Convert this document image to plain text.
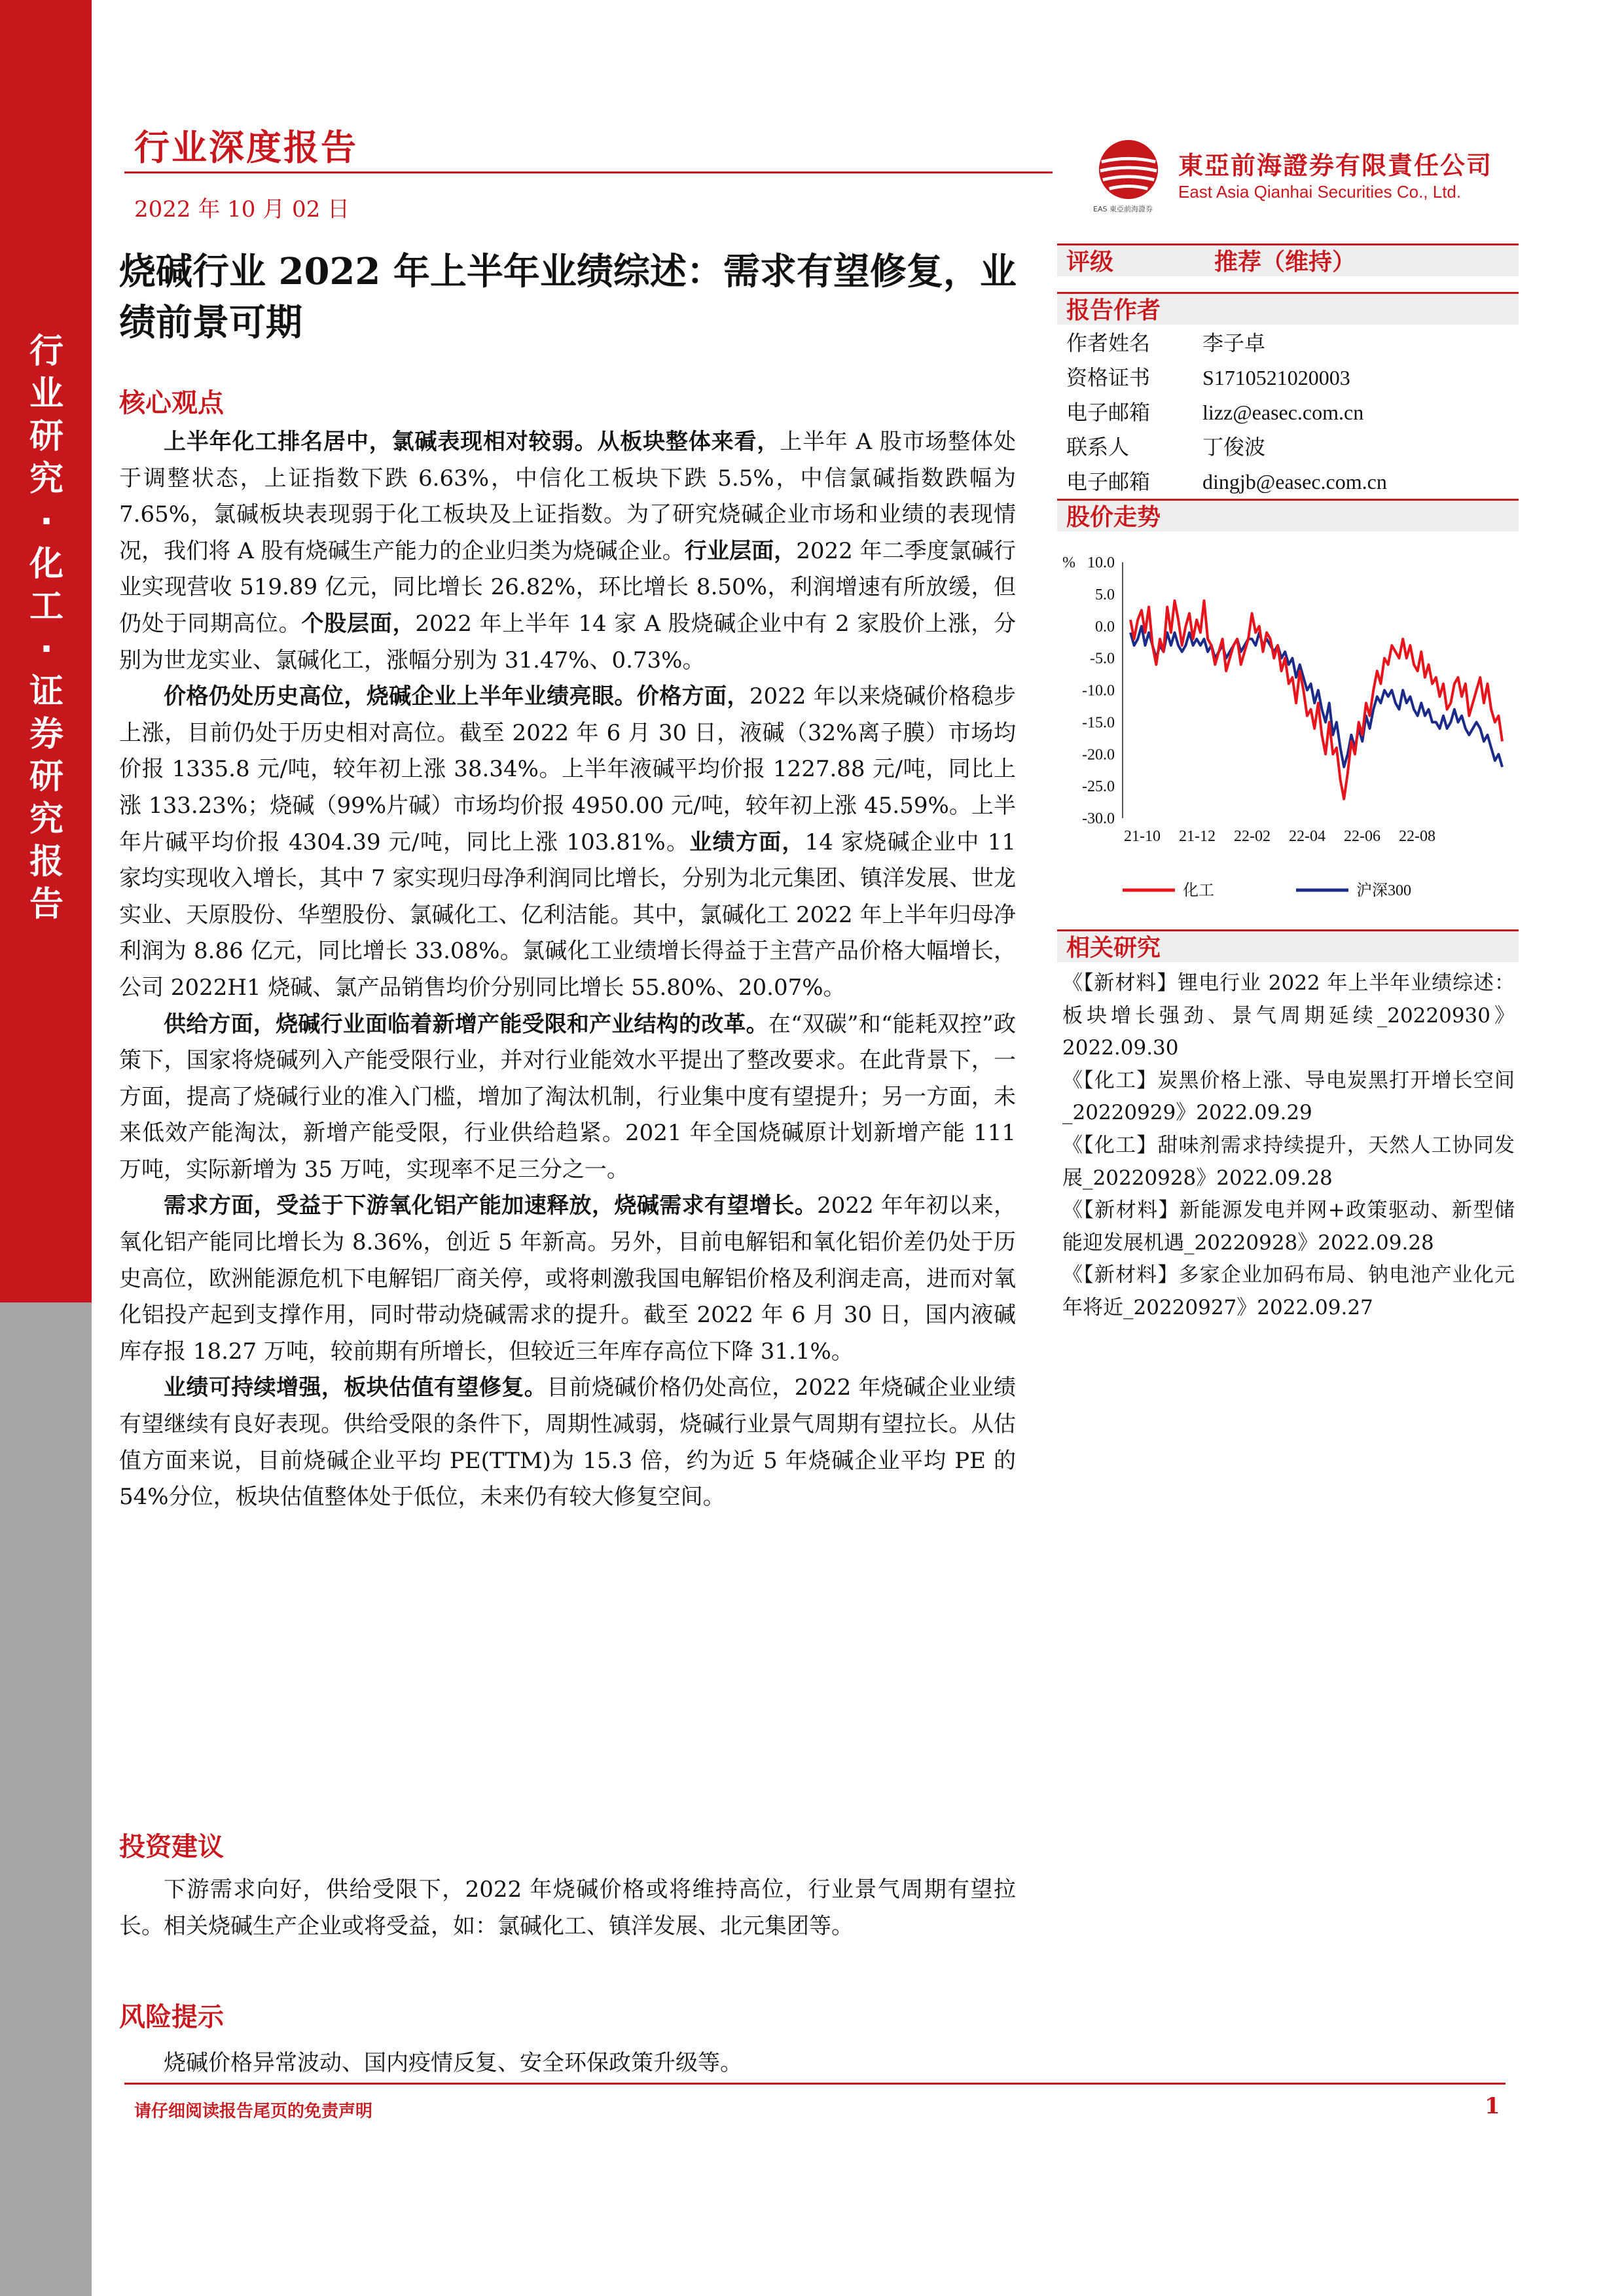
行业研究·化工·证券研究报告
行业深度报告
2022 年 10 月 02 日	EAS 東亞前海證券
東亞前海證券有限責任公司
East Asia Qianhai Securities Co., Ltd.
烧碱行业 2022 年上半年业绩综述：需求有望修复，业绩前景可期
核心观点

上半年化工排名居中，氯碱表现相对较弱。从板块整体来看，上半年 A 股市场整体处于调整状态，上证指数下跌 6.63%，中信化工板块下跌 5.5%，中信氯碱指数跌幅为 7.65%，氯碱板块表现弱于化工板块及上证指数。为了研究烧碱企业市场和业绩的表现情况，我们将 A 股有烧碱生产能力的企业归类为烧碱企业。行业层面，2022 年二季度氯碱行业实现营收 519.89 亿元，同比增长 26.82%，环比增长 8.50%，利润增速有所放缓，但仍处于同期高位。个股层面，2022 年上半年 14 家 A 股烧碱企业中有 2 家股价上涨，分别为世龙实业、氯碱化工，涨幅分别为 31.47%、0.73%。

价格仍处历史高位，烧碱企业上半年业绩亮眼。价格方面，2022 年以来烧碱价格稳步上涨，目前仍处于历史相对高位。截至 2022 年 6 月 30 日，液碱（32%离子膜）市场均价报 1335.8 元/吨，较年初上涨 38.34%。上半年液碱平均价报 1227.88 元/吨，同比上涨 133.23%；烧碱（99%片碱）市场均价报 4950.00 元/吨，较年初上涨 45.59%。上半年片碱平均价报 4304.39 元/吨，同比上涨 103.81%。业绩方面，14 家烧碱企业中 11 家均实现收入增长，其中 7 家实现归母净利润同比增长，分别为北元集团、镇洋发展、世龙实业、天原股份、华塑股份、氯碱化工、亿利洁能。其中，氯碱化工 2022 年上半年归母净利润为 8.86 亿元，同比增长 33.08%。氯碱化工业绩增长得益于主营产品价格大幅增长，公司 2022H1 烧碱、氯产品销售均价分别同比增长 55.80%、20.07%。

供给方面，烧碱行业面临着新增产能受限和产业结构的改革。在“双碳”和“能耗双控”政策下，国家将烧碱列入产能受限行业，并对行业能效水平提出了整改要求。在此背景下，一方面，提高了烧碱行业的准入门槛，增加了淘汰机制，行业集中度有望提升；另一方面，未来低效产能淘汰，新增产能受限，行业供给趋紧。2021 年全国烧碱原计划新增产能 111 万吨，实际新增为 35 万吨，实现率不足三分之一。

需求方面，受益于下游氧化铝产能加速释放，烧碱需求有望增长。2022 年年初以来，氧化铝产能同比增长为 8.36%，创近 5 年新高。另外，目前电解铝和氧化铝价差仍处于历史高位，欧洲能源危机下电解铝厂商关停，或将刺激我国电解铝价格及利润走高，进而对氧化铝投产起到支撑作用，同时带动烧碱需求的提升。截至 2022 年 6 月 30 日，国内液碱库存报 18.27 万吨，较前期有所增长，但较近三年库存高位下降 31.1%。

业绩可持续增强，板块估值有望修复。目前烧碱价格仍处高位，2022 年烧碱企业业绩有望继续有良好表现。供给受限的条件下，周期性减弱，烧碱行业景气周期有望拉长。从估值方面来说，目前烧碱企业平均 PE(TTM)为 15.3 倍，约为近 5 年烧碱企业平均 PE 的 54%分位，板块估值整体处于低位，未来仍有较大修复空间。

投资建议

下游需求向好，供给受限下，2022 年烧碱价格或将维持高位，行业景气周期有望拉长。相关烧碱生产企业或将受益，如：氯碱化工、镇洋发展、北元集团等。

风险提示

烧碱价格异常波动、国内疫情反复、安全环保政策升级等。

评级	推荐（维持）
报告作者
作者姓名 李子卓
资格证书 S1710521020003
电子邮箱 lizz@easec.com.cn
联系人	丁俊波
电子邮箱 dingjb@easec.com.cn
股价走势
% 10.0
5.0
0.0
-5.0
-10.0
-15.0
-20.0
-25.0
-30.0
21-10 21-12 22-02 22-04 22-06 22-08
化工	沪深300
相关研究
《【新材料】锂电行业 2022 年上半年业绩综述：板块增长强劲、景气周期延续_20220930》2022.09.30
《【化工】炭黑价格上涨、导电炭黑打开增长空间_20220929》2022.09.29
《【化工】甜味剂需求持续提升，天然人工协同发展_20220928》2022.09.28
《【新材料】新能源发电并网+政策驱动、新型储能迎发展机遇_20220928》2022.09.28
《【新材料】多家企业加码布局、钠电池产业化元年将近_20220927》2022.09.27
请仔细阅读报告尾页的免责声明	1
